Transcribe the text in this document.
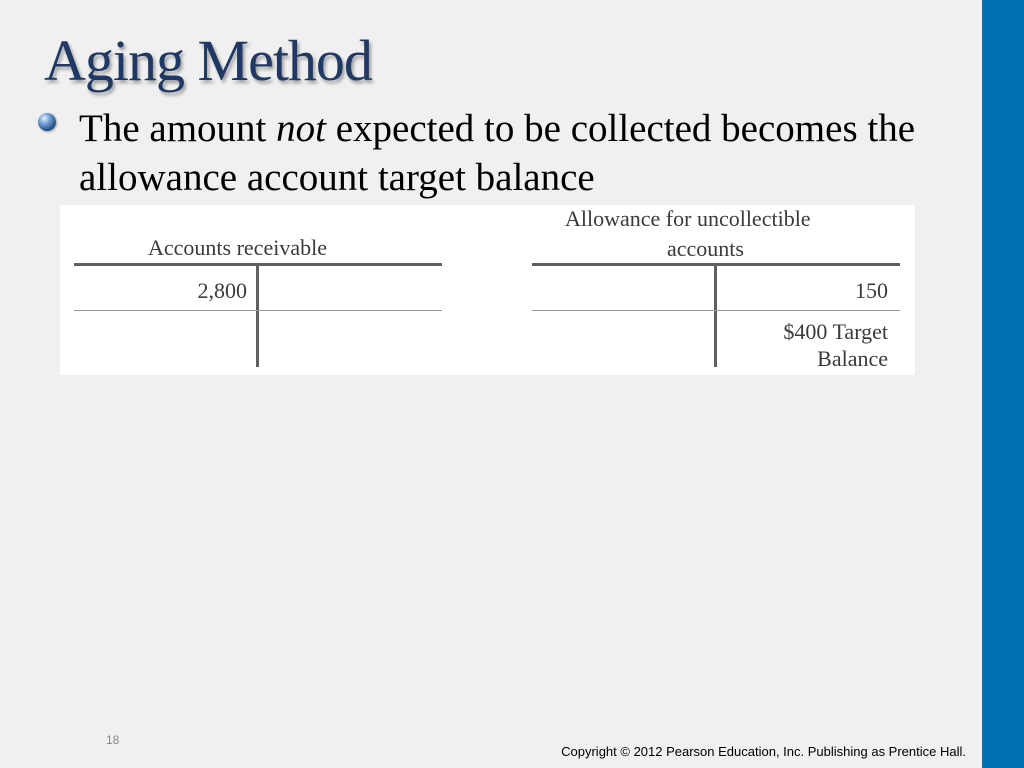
Aging Method
The amount not expected to be collected becomes the allowance account target balance
Accounts receivable
2,800
Allowance for uncollectible
accounts
150
$400 Target
Balance
18
Copyright © 2012 Pearson Education, Inc. Publishing as Prentice Hall.
